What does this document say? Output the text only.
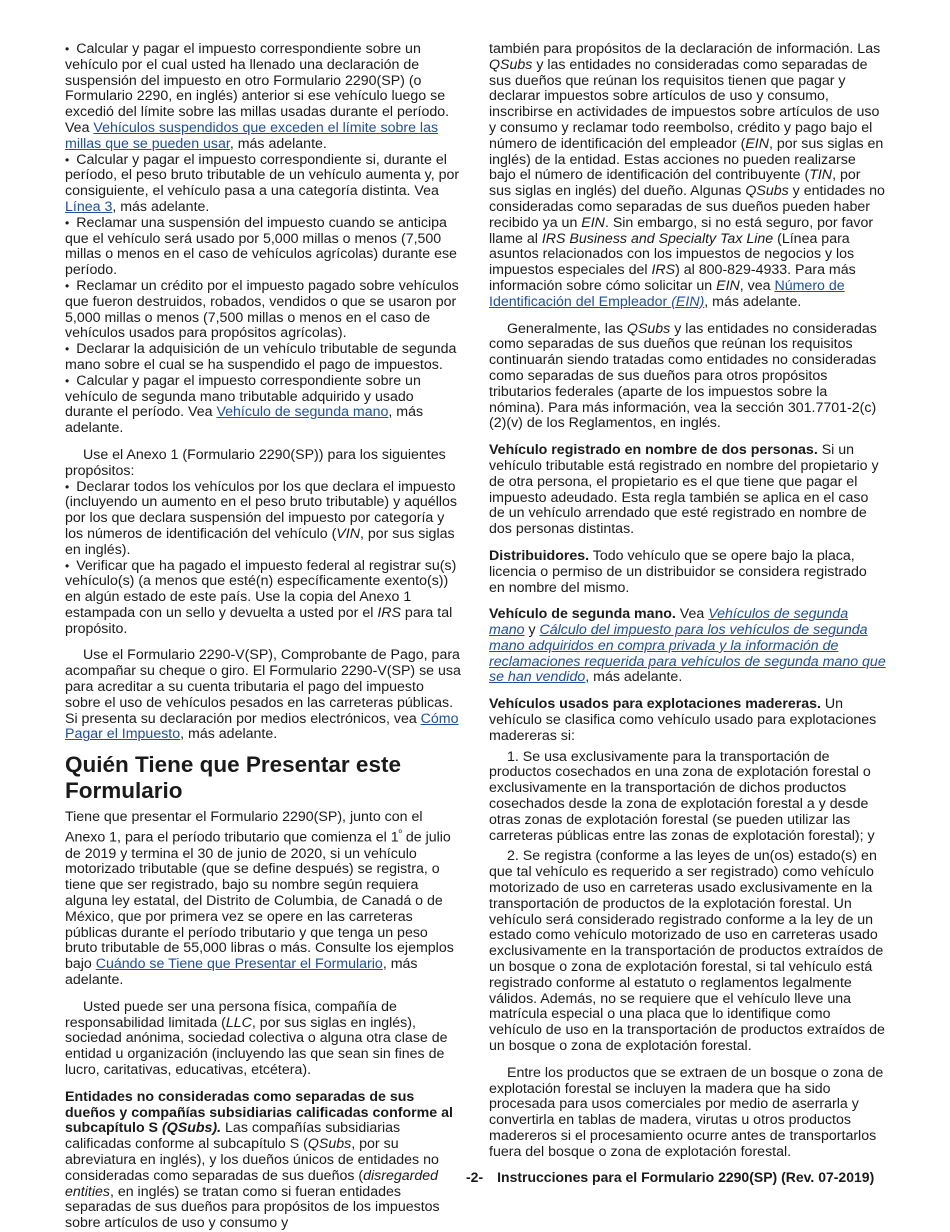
• Calcular y pagar el impuesto correspondiente sobre un vehículo por el cual usted ha llenado una declaración de suspensión del impuesto en otro Formulario 2290(SP) (o Formulario 2290, en inglés) anterior si ese vehículo luego se excedió del límite sobre las millas usadas durante el período. Vea Vehículos suspendidos que exceden el límite sobre las millas que se pueden usar, más adelante.

• Calcular y pagar el impuesto correspondiente si, durante el período, el peso bruto tributable de un vehículo aumenta y, por consiguiente, el vehículo pasa a una categoría distinta. Vea Línea 3, más adelante.

• Reclamar una suspensión del impuesto cuando se anticipa que el vehículo será usado por 5,000 millas o menos (7,500 millas o menos en el caso de vehículos agrícolas) durante ese período.

• Reclamar un crédito por el impuesto pagado sobre vehículos que fueron destruidos, robados, vendidos o que se usaron por 5,000 millas o menos (7,500 millas o menos en el caso de vehículos usados para propósitos agrícolas).

• Declarar la adquisición de un vehículo tributable de segunda mano sobre el cual se ha suspendido el pago de impuestos.

• Calcular y pagar el impuesto correspondiente sobre un vehículo de segunda mano tributable adquirido y usado durante el período. Vea Vehículo de segunda mano, más adelante.

Use el Anexo 1 (Formulario 2290(SP)) para los siguientes propósitos:

• Declarar todos los vehículos por los que declara el impuesto (incluyendo un aumento en el peso bruto tributable) y aquéllos por los que declara suspensión del impuesto por categoría y los números de identificación del vehículo (VIN, por sus siglas en inglés).

• Verificar que ha pagado el impuesto federal al registrar su(s) vehículo(s) (a menos que esté(n) específicamente exento(s)) en algún estado de este país. Use la copia del Anexo 1 estampada con un sello y devuelta a usted por el IRS para tal propósito.

Use el Formulario 2290-V(SP), Comprobante de Pago, para acompañar su cheque o giro. El Formulario 2290-V(SP) se usa para acreditar a su cuenta tributaria el pago del impuesto sobre el uso de vehículos pesados en las carreteras públicas. Si presenta su declaración por medios electrónicos, vea Cómo Pagar el Impuesto, más adelante.

Quién Tiene que Presentar este Formulario

Tiene que presentar el Formulario 2290(SP), junto con el Anexo 1, para el período tributario que comienza el $1^º$ de julio de 2019 y termina el 30 de junio de 2020, si un vehículo motorizado tributable (que se define después) se registra, o tiene que ser registrado, bajo su nombre según requiera alguna ley estatal, del Distrito de Columbia, de Canadá o de México, que por primera vez se opere en las carreteras públicas durante el período tributario y que tenga un peso bruto tributable de 55,000 libras o más. Consulte los ejemplos bajo Cuándo se Tiene que Presentar el Formulario, más adelante.

Usted puede ser una persona física, compañía de responsabilidad limitada (LLC, por sus siglas en inglés), sociedad anónima, sociedad colectiva o alguna otra clase de entidad u organización (incluyendo las que sean sin fines de lucro, caritativas, educativas, etcétera).

Entidades no consideradas como separadas de sus dueños y compañías subsidiarias calificadas conforme al subcapítulo S (QSubs). Las compañías subsidiarias calificadas conforme al subcapítulo S (QSubs, por su abreviatura en inglés), y los dueños únicos de entidades no consideradas como separadas de sus dueños (disregarded entities, en inglés) se tratan como si fueran entidades separadas de sus dueños para propósitos de los impuestos sobre artículos de uso y consumo y

también para propósitos de la declaración de información. Las QSubs y las entidades no consideradas como separadas de sus dueños que reúnan los requisitos tienen que pagar y declarar impuestos sobre artículos de uso y consumo, inscribirse en actividades de impuestos sobre artículos de uso y consumo y reclamar todo reembolso, crédito y pago bajo el número de identificación del empleador (EIN, por sus siglas en inglés) de la entidad. Estas acciones no pueden realizarse bajo el número de identificación del contribuyente (TIN, por sus siglas en inglés) del dueño. Algunas QSubs y entidades no consideradas como separadas de sus dueños pueden haber recibido ya un EIN. Sin embargo, si no está seguro, por favor llame al IRS Business and Specialty Tax Line (Línea para asuntos relacionados con los impuestos de negocios y los impuestos especiales del IRS) al 800-829-4933. Para más información sobre cómo solicitar un EIN, vea Número de Identificación del Empleador (EIN), más adelante.

Generalmente, las QSubs y las entidades no consideradas como separadas de sus dueños que reúnan los requisitos continuarán siendo tratadas como entidades no consideradas como separadas de sus dueños para otros propósitos tributarios federales (aparte de los impuestos sobre la nómina). Para más información, vea la sección 301.7701-2(c)(2)(v) de los Reglamentos, en inglés.

Vehículo registrado en nombre de dos personas. Si un vehículo tributable está registrado en nombre del propietario y de otra persona, el propietario es el que tiene que pagar el impuesto adeudado. Esta regla también se aplica en el caso de un vehículo arrendado que esté registrado en nombre de dos personas distintas.

Distribuidores. Todo vehículo que se opere bajo la placa, licencia o permiso de un distribuidor se considera registrado en nombre del mismo.

Vehículo de segunda mano. Vea Vehículos de segunda mano y Cálculo del impuesto para los vehículos de segunda mano adquiridos en compra privada y la información de reclamaciones requerida para vehículos de segunda mano que se han vendido, más adelante.

Vehículos usados para explotaciones madereras. Un vehículo se clasifica como vehículo usado para explotaciones madereras si:

1. Se usa exclusivamente para la transportación de productos cosechados en una zona de explotación forestal o exclusivamente en la transportación de dichos productos cosechados desde la zona de explotación forestal a y desde otras zonas de explotación forestal (se pueden utilizar las carreteras públicas entre las zonas de explotación forestal); y

2. Se registra (conforme a las leyes de un(os) estado(s) en que tal vehículo es requerido a ser registrado) como vehículo motorizado de uso en carreteras usado exclusivamente en la transportación de productos de la explotación forestal. Un vehículo será considerado registrado conforme a la ley de un estado como vehículo motorizado de uso en carreteras usado exclusivamente en la transportación de productos extraídos de un bosque o zona de explotación forestal, si tal vehículo está registrado conforme al estatuto o reglamentos legalmente válidos. Además, no se requiere que el vehículo lleve una matrícula especial o una placa que lo identifique como vehículo de uso en la transportación de productos extraídos de un bosque o zona de explotación forestal.

Entre los productos que se extraen de un bosque o zona de explotación forestal se incluyen la madera que ha sido procesada para usos comerciales por medio de aserrarla y convertirla en tablas de madera, virutas u otros productos madereros si el procesamiento ocurre antes de transportarlos fuera del bosque o zona de explotación forestal.

-2- Instrucciones para el Formulario 2290(SP) (Rev. 07-2019)
